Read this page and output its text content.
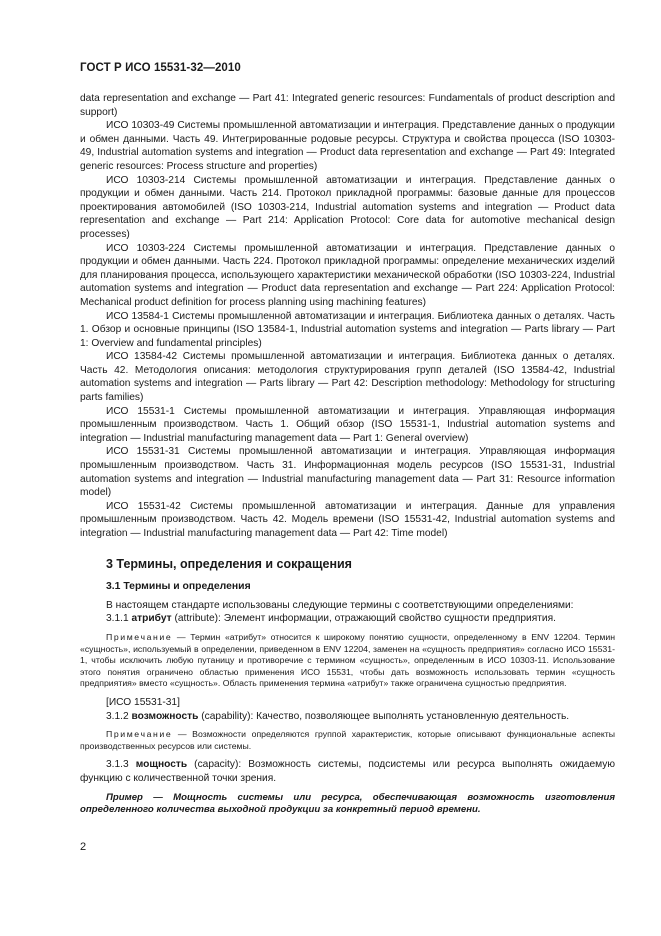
ГОСТ Р ИСО 15531-32—2010

data representation and exchange — Part 41: Integrated generic resources: Fundamentals of product description and support)

ИСО 10303-49 Системы промышленной автоматизации и интеграция. Представление данных о продукции и обмен данными. Часть 49. Интегрированные родовые ресурсы. Структура и свойства процесса (ISO 10303-49, Industrial automation systems and integration — Product data representation and exchange — Part 49: Integrated generic resources: Process structure and properties)

ИСО 10303-214 Системы промышленной автоматизации и интеграция. Представление данных о продукции и обмен данными. Часть 214. Протокол прикладной программы: базовые данные для процессов проектирования автомобилей (ISO 10303-214, Industrial automation systems and integration — Product data representation and exchange — Part 214: Application Protocol: Core data for automotive mechanical design processes)

ИСО 10303-224 Системы промышленной автоматизации и интеграция. Представление данных о продукции и обмен данными. Часть 224. Протокол прикладной программы: определение механических изделий для планирования процесса, использующего характеристики механической обработки (ISO 10303-224, Industrial automation systems and integration — Product data representation and exchange — Part 224: Application Protocol: Mechanical product definition for process planning using machining features)

ИСО 13584-1 Системы промышленной автоматизации и интеграция. Библиотека данных о деталях. Часть 1. Обзор и основные принципы (ISO 13584-1, Industrial automation systems and integration — Parts library — Part 1: Overview and fundamental principles)

ИСО 13584-42 Системы промышленной автоматизации и интеграция. Библиотека данных о деталях. Часть 42. Методология описания: методология структурирования групп деталей (ISO 13584-42, Industrial automation systems and integration — Parts library — Part 42: Description methodology: Methodology for structuring parts families)

ИСО 15531-1 Системы промышленной автоматизации и интеграция. Управляющая информация промышленным производством. Часть 1. Общий обзор (ISO 15531-1, Industrial automation systems and integration — Industrial manufacturing management data — Part 1: General overview)

ИСО 15531-31 Системы промышленной автоматизации и интеграция. Управляющая информация промышленным производством. Часть 31. Информационная модель ресурсов (ISO 15531-31, Industrial automation systems and integration — Industrial manufacturing management data — Part 31: Resource information model)

ИСО 15531-42 Системы промышленной автоматизации и интеграция. Данные для управления промышленным производством. Часть 42. Модель времени (ISO 15531-42, Industrial automation systems and integration — Industrial manufacturing management data — Part 42: Time model)

3 Термины, определения и сокращения
3.1 Термины и определения

В настоящем стандарте использованы следующие термины с соответствующими определениями:

3.1.1 атрибут (attribute): Элемент информации, отражающий свойство сущности предприятия.

Примечание — Термин «атрибут» относится к широкому понятию сущности, определенному в ENV 12204. Термин «сущность», используемый в определении, приведенном в ENV 12204, заменен на «сущность предприятия» согласно ИСО 15531-1, чтобы исключить любую путаницу и противоречие с термином «сущность», определенным в ИСО 10303-11. Использование этого понятия ограничено областью применения ИСО 15531, чтобы дать возможность использовать термин «сущность предприятия» вместо «сущность». Область применения термина «атрибут» также ограничена сущностью предприятия.

[ИСО 15531-31]

3.1.2 возможность (capability): Качество, позволяющее выполнять установленную деятельность.

Примечание — Возможности определяются группой характеристик, которые описывают функциональные аспекты производственных ресурсов или системы.

3.1.3 мощность (capacity): Возможность системы, подсистемы или ресурса выполнять ожидаемую функцию с количественной точки зрения.

Пример — Мощность системы или ресурса, обеспечивающая возможность изготовления определенного количества выходной продукции за конкретный период времени.

2
